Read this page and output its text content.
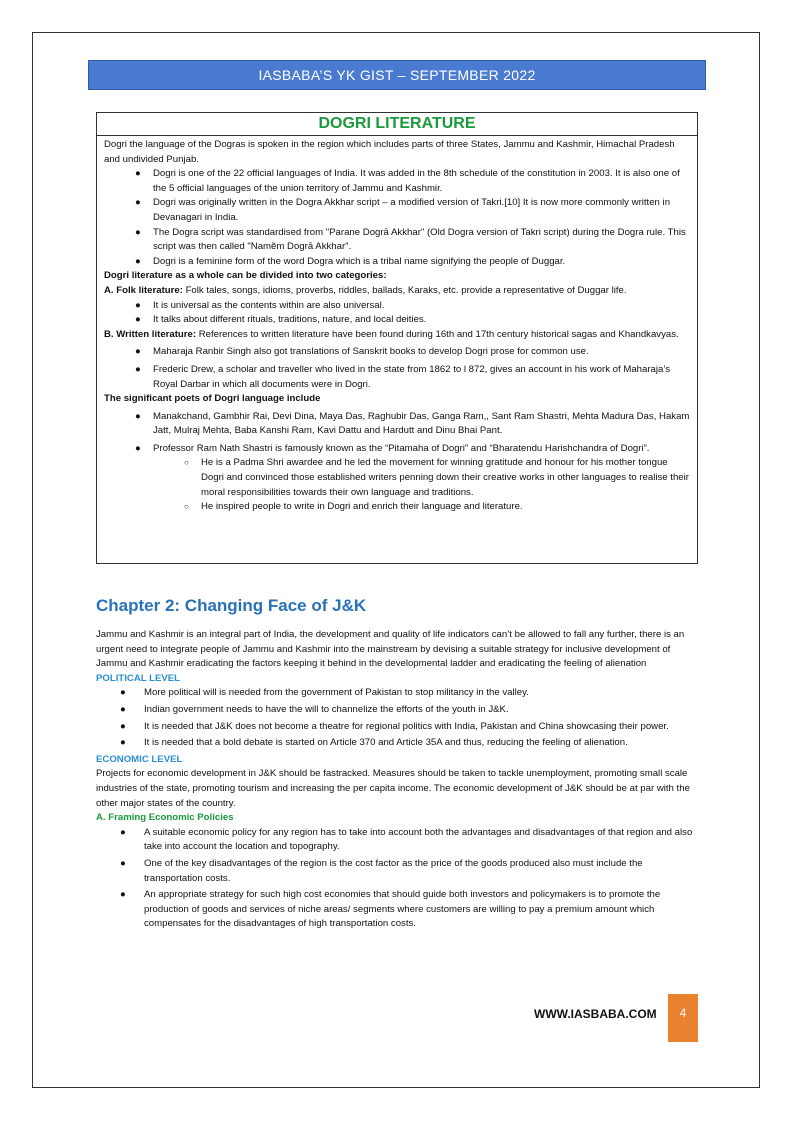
IASBABA’S YK GIST – SEPTEMBER 2022
DOGRI LITERATURE

Dogri the language of the Dogras is spoken in the region which includes parts of three States, Jammu and Kashmir, Himachal Pradesh and undivided Punjab.

● Dogri is one of the 22 official languages of India. It was added in the 8th schedule of the constitution in 2003. It is also one of the 5 official languages of the union territory of Jammu and Kashmir.

● Dogri was originally written in the Dogra Akkhar script – a modified version of Takri.[10] It is now more commonly written in Devanagari in India.

● The Dogra script was standardised from "Parane Dogrā Akkhar" (Old Dogra version of Takri script) during the Dogra rule. This script was then called "Namẽm Dogrā Akkhar".

● Dogri is a feminine form of the word Dogra which is a tribal name signifying the people of Duggar.

Dogri literature as a whole can be divided into two categories:

A. Folk literature: Folk tales, songs, idioms, proverbs, riddles, ballads, Karaks, etc. provide a representative of Duggar life.

● It is universal as the contents within are also universal.

● It talks about different rituals, traditions, nature, and local deities.

B. Written literature: References to written literature have been found during 16th and 17th century historical sagas and Khandkavyas.

● Maharaja Ranbir Singh also got translations of Sanskrit books to develop Dogri prose for common use.

● Frederic Drew, a scholar and traveller who lived in the state from 1862 to l 872, gives an account in his work of Maharaja’s Royal Darbar in which all documents were in Dogri.

The significant poets of Dogri language include

● Manakchand, Gambhir Rai, Devi Dina, Maya Das, Raghubir Das, Ganga Ram,, Sant Ram Shastri, Mehta Madura Das, Hakam Jatt, Mulraj Mehta, Baba Kanshi Ram, Kavi Dattu and Hardutt and Dinu Bhai Pant.

● Professor Ram Nath Shastri is famously known as the “Pitamaha of Dogri” and “Bharatendu Harishchandra of Dogri”.

○ He is a Padma Shri awardee and he led the movement for winning gratitude and honour for his mother tongue Dogri and convinced those established writers penning down their creative works in other languages to realise their moral responsibilities towards their own language and traditions.

○ He inspired people to write in Dogri and enrich their language and literature.

Chapter 2: Changing Face of J&K

Jammu and Kashmir is an integral part of India, the development and quality of life indicators can’t be allowed to fall any further, there is an urgent need to integrate people of Jammu and Kashmir into the mainstream by devising a suitable strategy for inclusive development of Jammu and Kashmir eradicating the factors keeping it behind in the developmental ladder and eradicating the feeling of alienation

POLITICAL LEVEL

● More political will is needed from the government of Pakistan to stop militancy in the valley.

● Indian government needs to have the will to channelize the efforts of the youth in J&K.

● It is needed that J&K does not become a theatre for regional politics with India, Pakistan and China showcasing their power.

● It is needed that a bold debate is started on Article 370 and Article 35A and thus, reducing the feeling of alienation.

ECONOMIC LEVEL

Projects for economic development in J&K should be fastracked. Measures should be taken to tackle unemployment, promoting small scale industries of the state, promoting tourism and increasing the per capita income. The economic development of J&K should be at par with the other major states of the country.

A. Framing Economic Policies

● A suitable economic policy for any region has to take into account both the advantages and disadvantages of that region and also take into account the location and topography.

● One of the key disadvantages of the region is the cost factor as the price of the goods produced also must include the transportation costs.

● An appropriate strategy for such high cost economies that should guide both investors and policymakers is to promote the production of goods and services of niche areas/ segments where customers are willing to pay a premium amount which compensates for the disadvantages of high transportation costs.

WWW.IASBABA.COM	4
